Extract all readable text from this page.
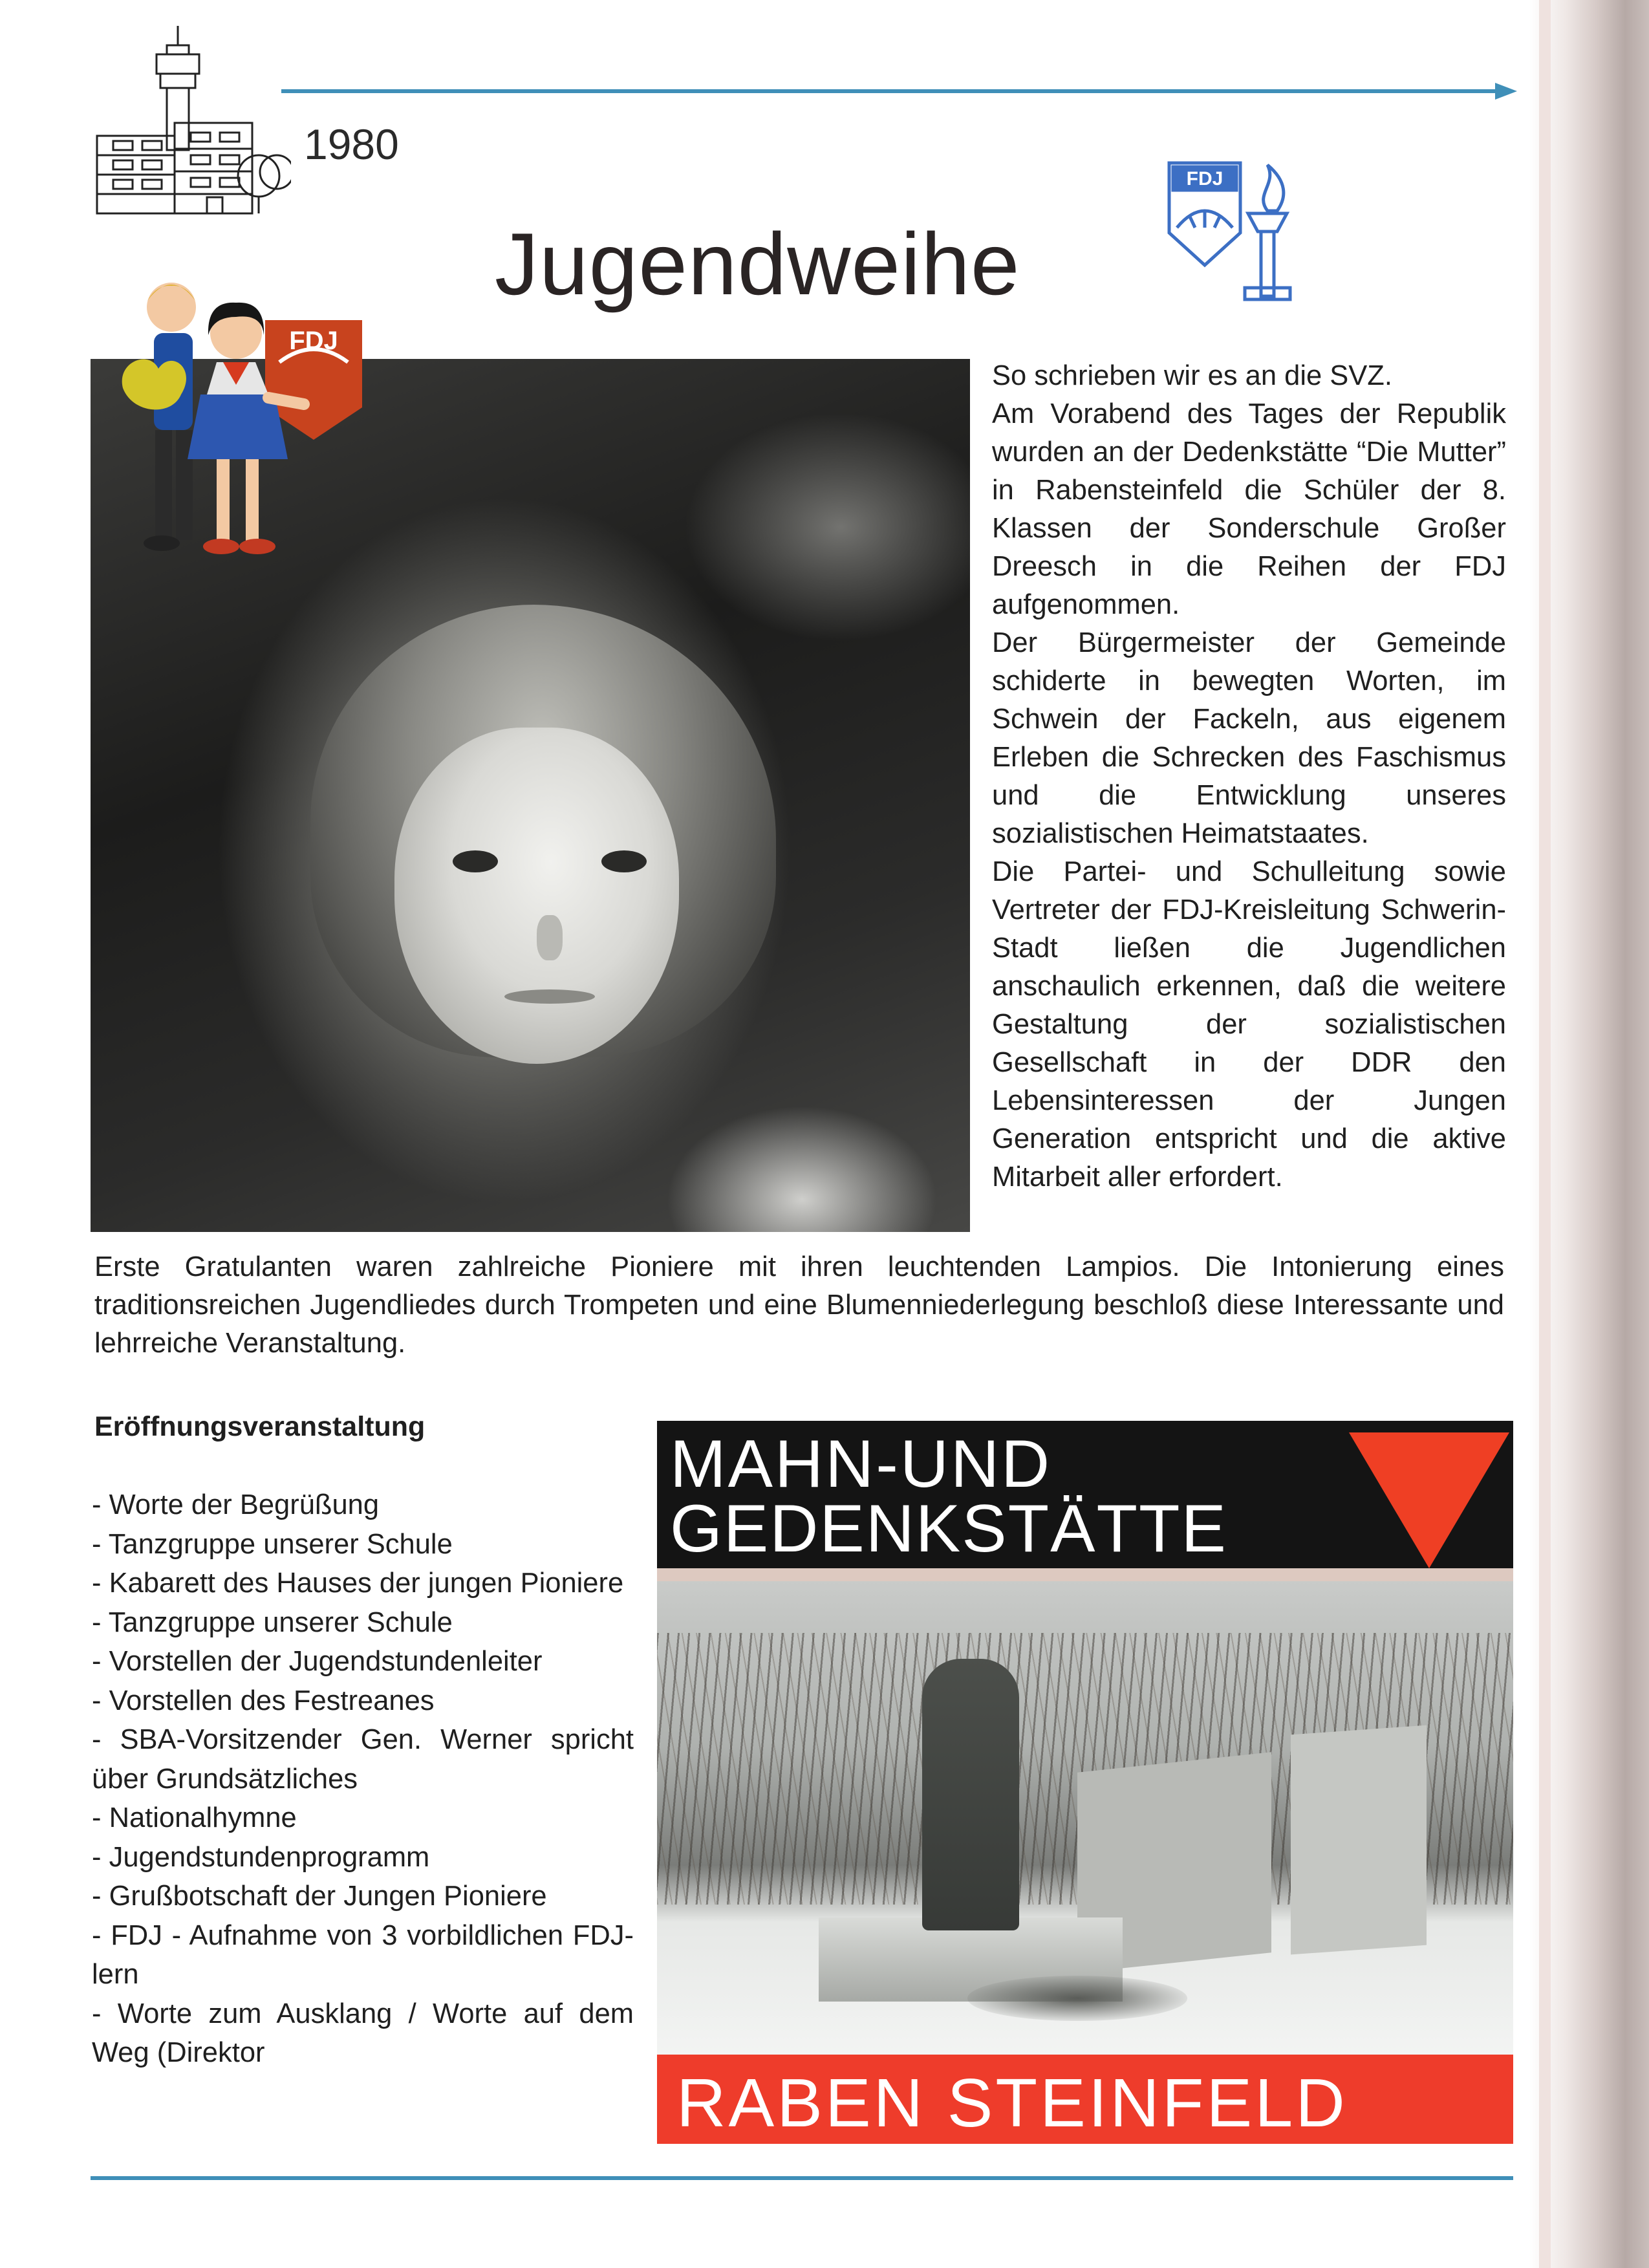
1980
Jugendweihe
FDJ
FDJ

So schrieben wir es an die SVZ.

Am Vorabend des Tages der Republik wurden an der Dedenkstätte “Die Mutter” in Rabensteinfeld die Schüler der 8. Klassen der Sonderschule Großer Dreesch in die Reihen der FDJ aufgenommen.

Der Bürgermeister der Gemeinde schiderte in bewegten Worten, im Schwein der Fackeln, aus eigenem Erleben die Schrecken des Faschismus und die Entwicklung unseres sozialistischen Heimatstaates.

Die Partei- und Schulleitung sowie Vertreter der FDJ-Kreisleitung Schwerin-Stadt ließen die Jugendlichen anschaulich erkennen, daß die weitere Gestaltung der sozialistischen Gesellschaft in der DDR den Lebensinteressen der Jungen Generation entspricht und die aktive Mitarbeit aller erfordert.

Erste Gratulanten waren zahlreiche Pioniere mit ihren leuchtenden Lampios. Die Intonierung eines traditionsreichen Jugendliedes durch Trompeten und eine Blumenniederlegung beschloß diese Interessante und lehrreiche Veranstaltung.
Eröffnungsveranstaltung
- Worte der Begrüßung
- Tanzgruppe unserer Schule
- Kabarett des Hauses der jungen Pioniere
- Tanzgruppe unserer Schule
- Vorstellen der Jugendstundenleiter
- Vorstellen des Festreanes
- SBA-Vorsitzender Gen. Werner spricht über Grundsätzliches
- Nationalhymne
- Jugendstundenprogramm
- Grußbotschaft der Jungen Pioniere
- FDJ - Aufnahme von 3 vorbildlichen FDJ-lern
- Worte zum Ausklang / Worte auf dem Weg (Direktor
MAHN-UND
GEDENKSTÄTTE
RABEN STEINFELD
